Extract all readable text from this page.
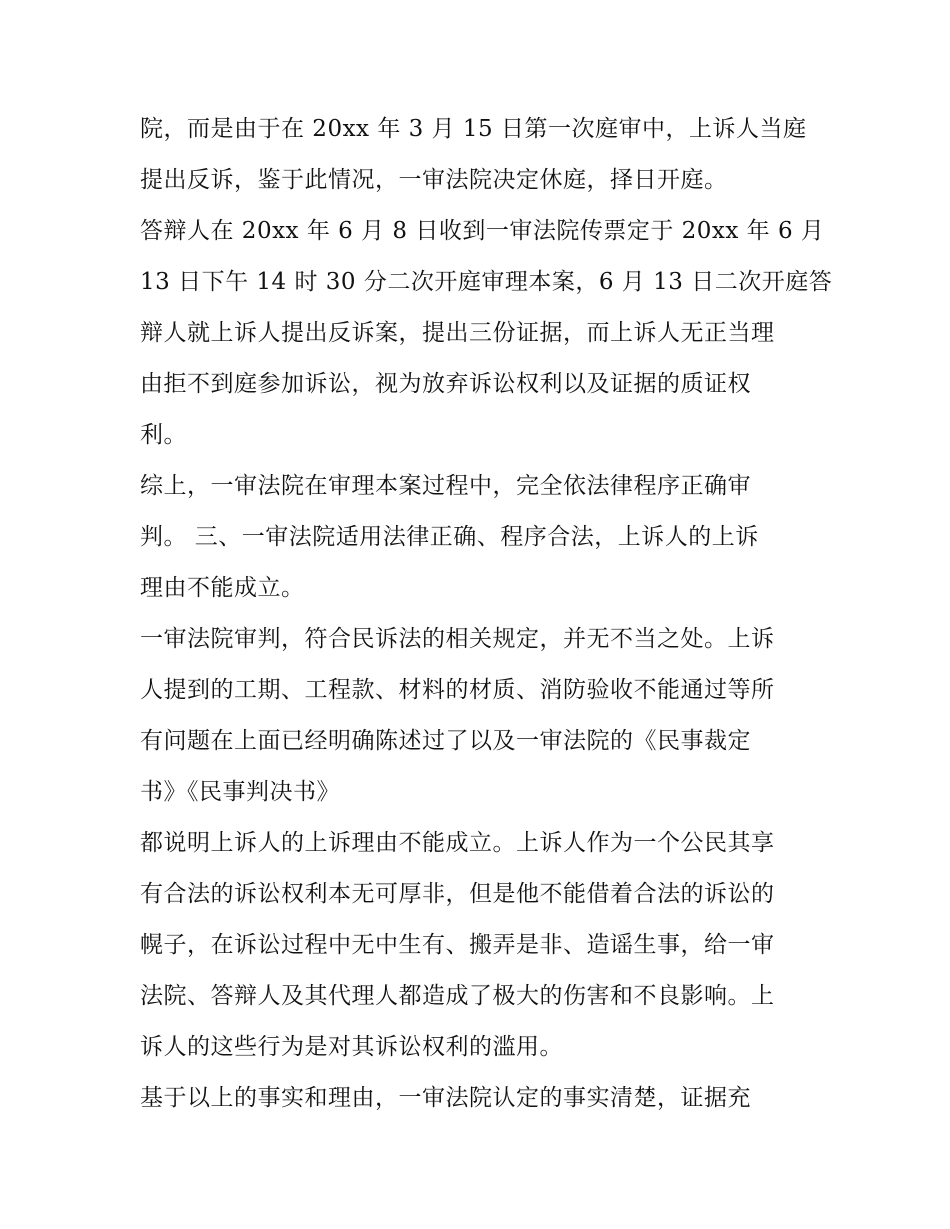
院，而是由于在 20xx 年 3 月 15 日第一次庭审中，上诉人当庭
提出反诉，鉴于此情况，一审法院决定休庭，择日开庭。
答辩人在 20xx 年 6 月 8 日收到一审法院传票定于 20xx 年 6 月
13 日下午 14 时 30 分二次开庭审理本案，6 月 13 日二次开庭答
辩人就上诉人提出反诉案，提出三份证据，而上诉人无正当理
由拒不到庭参加诉讼，视为放弃诉讼权利以及证据的质证权
利。
综上，一审法院在审理本案过程中，完全依法律程序正确审
判。 三、一审法院适用法律正确、程序合法，上诉人的上诉
理由不能成立。
一审法院审判，符合民诉法的相关规定，并无不当之处。上诉
人提到的工期、工程款、材料的材质、消防验收不能通过等所
有问题在上面已经明确陈述过了以及一审法院的《民事裁定
书》《民事判决书》
都说明上诉人的上诉理由不能成立。上诉人作为一个公民其享
有合法的诉讼权利本无可厚非，但是他不能借着合法的诉讼的
幌子，在诉讼过程中无中生有、搬弄是非、造谣生事，给一审
法院、答辩人及其代理人都造成了极大的伤害和不良影响。上
诉人的这些行为是对其诉讼权利的滥用。
基于以上的事实和理由，一审法院认定的事实清楚，证据充
